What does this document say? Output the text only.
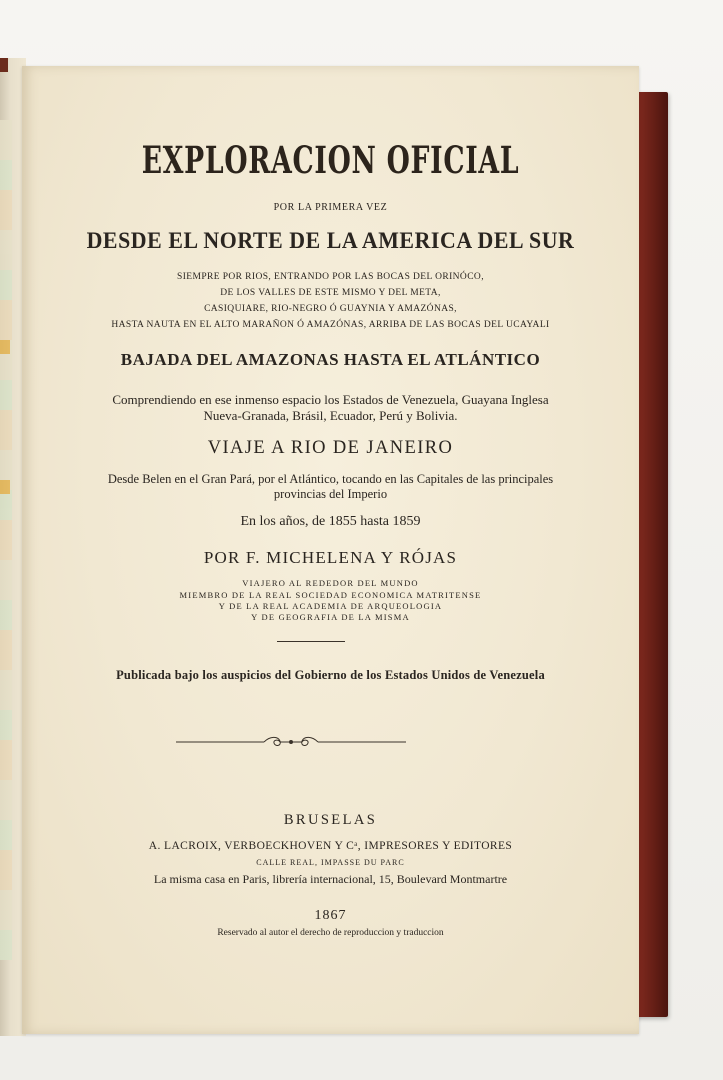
EXPLORACION OFICIAL

POR LA PRIMERA VEZ

DESDE EL NORTE DE LA AMERICA DEL SUR

SIEMPRE POR RIOS, ENTRANDO POR LAS BOCAS DEL ORINÓCO,

DE LOS VALLES DE ESTE MISMO Y DEL META,

CASIQUIARE, RIO-NEGRO Ó GUAYNIA Y AMAZÓNAS,

HASTA NAUTA EN EL ALTO MARAÑON Ó AMAZÓNAS, ARRIBA DE LAS BOCAS DEL UCAYALI

BAJADA DEL AMAZONAS HASTA EL ATLÁNTICO

Comprendiendo en ese inmenso espacio los Estados de Venezuela, Guayana Inglesa

Nueva-Granada, Brásil, Ecuador, Perú y Bolivia.

VIAJE A RIO DE JANEIRO

Desde Belen en el Gran Pará, por el Atlántico, tocando en las Capitales de las principales

provincias del Imperio

En los años, de 1855 hasta 1859

POR F. MICHELENA Y RÓJAS

VIAJERO AL REDEDOR DEL MUNDO

MIEMBRO DE LA REAL SOCIEDAD ECONOMICA MATRITENSE

Y DE LA REAL ACADEMIA DE ARQUEOLOGIA

Y DE GEOGRAFIA DE LA MISMA

Publicada bajo los auspicios del Gobierno de los Estados Unidos de Venezuela

BRUSELAS

A. LACROIX, VERBOECKHOVEN Y Cᵃ, IMPRESORES Y EDITORES

CALLE REAL, IMPASSE DU PARC

La misma casa en Paris, librería internacional, 15, Boulevard Montmartre

1867

Reservado al autor el derecho de reproduccion y traduccion
